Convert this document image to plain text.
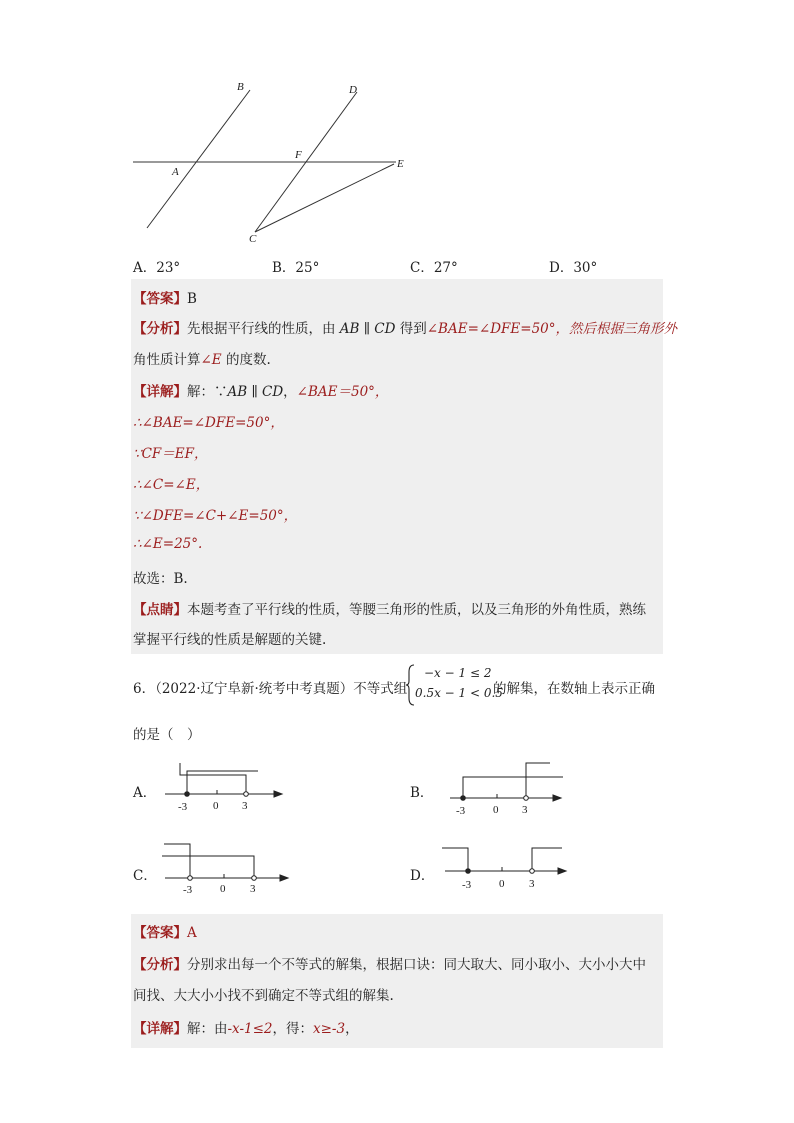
B	D
A
F
E
C
A．23°	B．25°	C．27°	D．30°
【答案】B
【分析】先根据平行线的性质，由 AB ∥ CD 得到∠BAE=∠DFE=50°，然后根据三角形外
角性质计算∠E 的度数.
【详解】解：∵AB ∥ CD，∠BAE＝50°，
∴∠BAE=∠DFE=50°，
∵CF＝EF，
∴∠C=∠E，
∵∠DFE=∠C+∠E=50°，
∴∠E=25°.
故选：B.
【点睛】本题考查了平行线的性质，等腰三角形的性质，以及三角形的外角性质，熟练
掌握平行线的性质是解题的关键.
6．（2022·辽宁阜新·统考中考真题）不等式组
−x − 1 ≤ 2
0.5x − 1 < 0.5
的解集，在数轴上表示正确
的是（　）
A．
-3 0 3
B．
-3	0 3
C．
-3	0 3
D．
-3	0 3
【答案】A
【分析】分别求出每一个不等式的解集，根据口诀：同大取大、同小取小、大小小大中
间找、大大小小找不到确定不等式组的解集.
【详解】解：由-x-1≤2，得：x≥-3，
